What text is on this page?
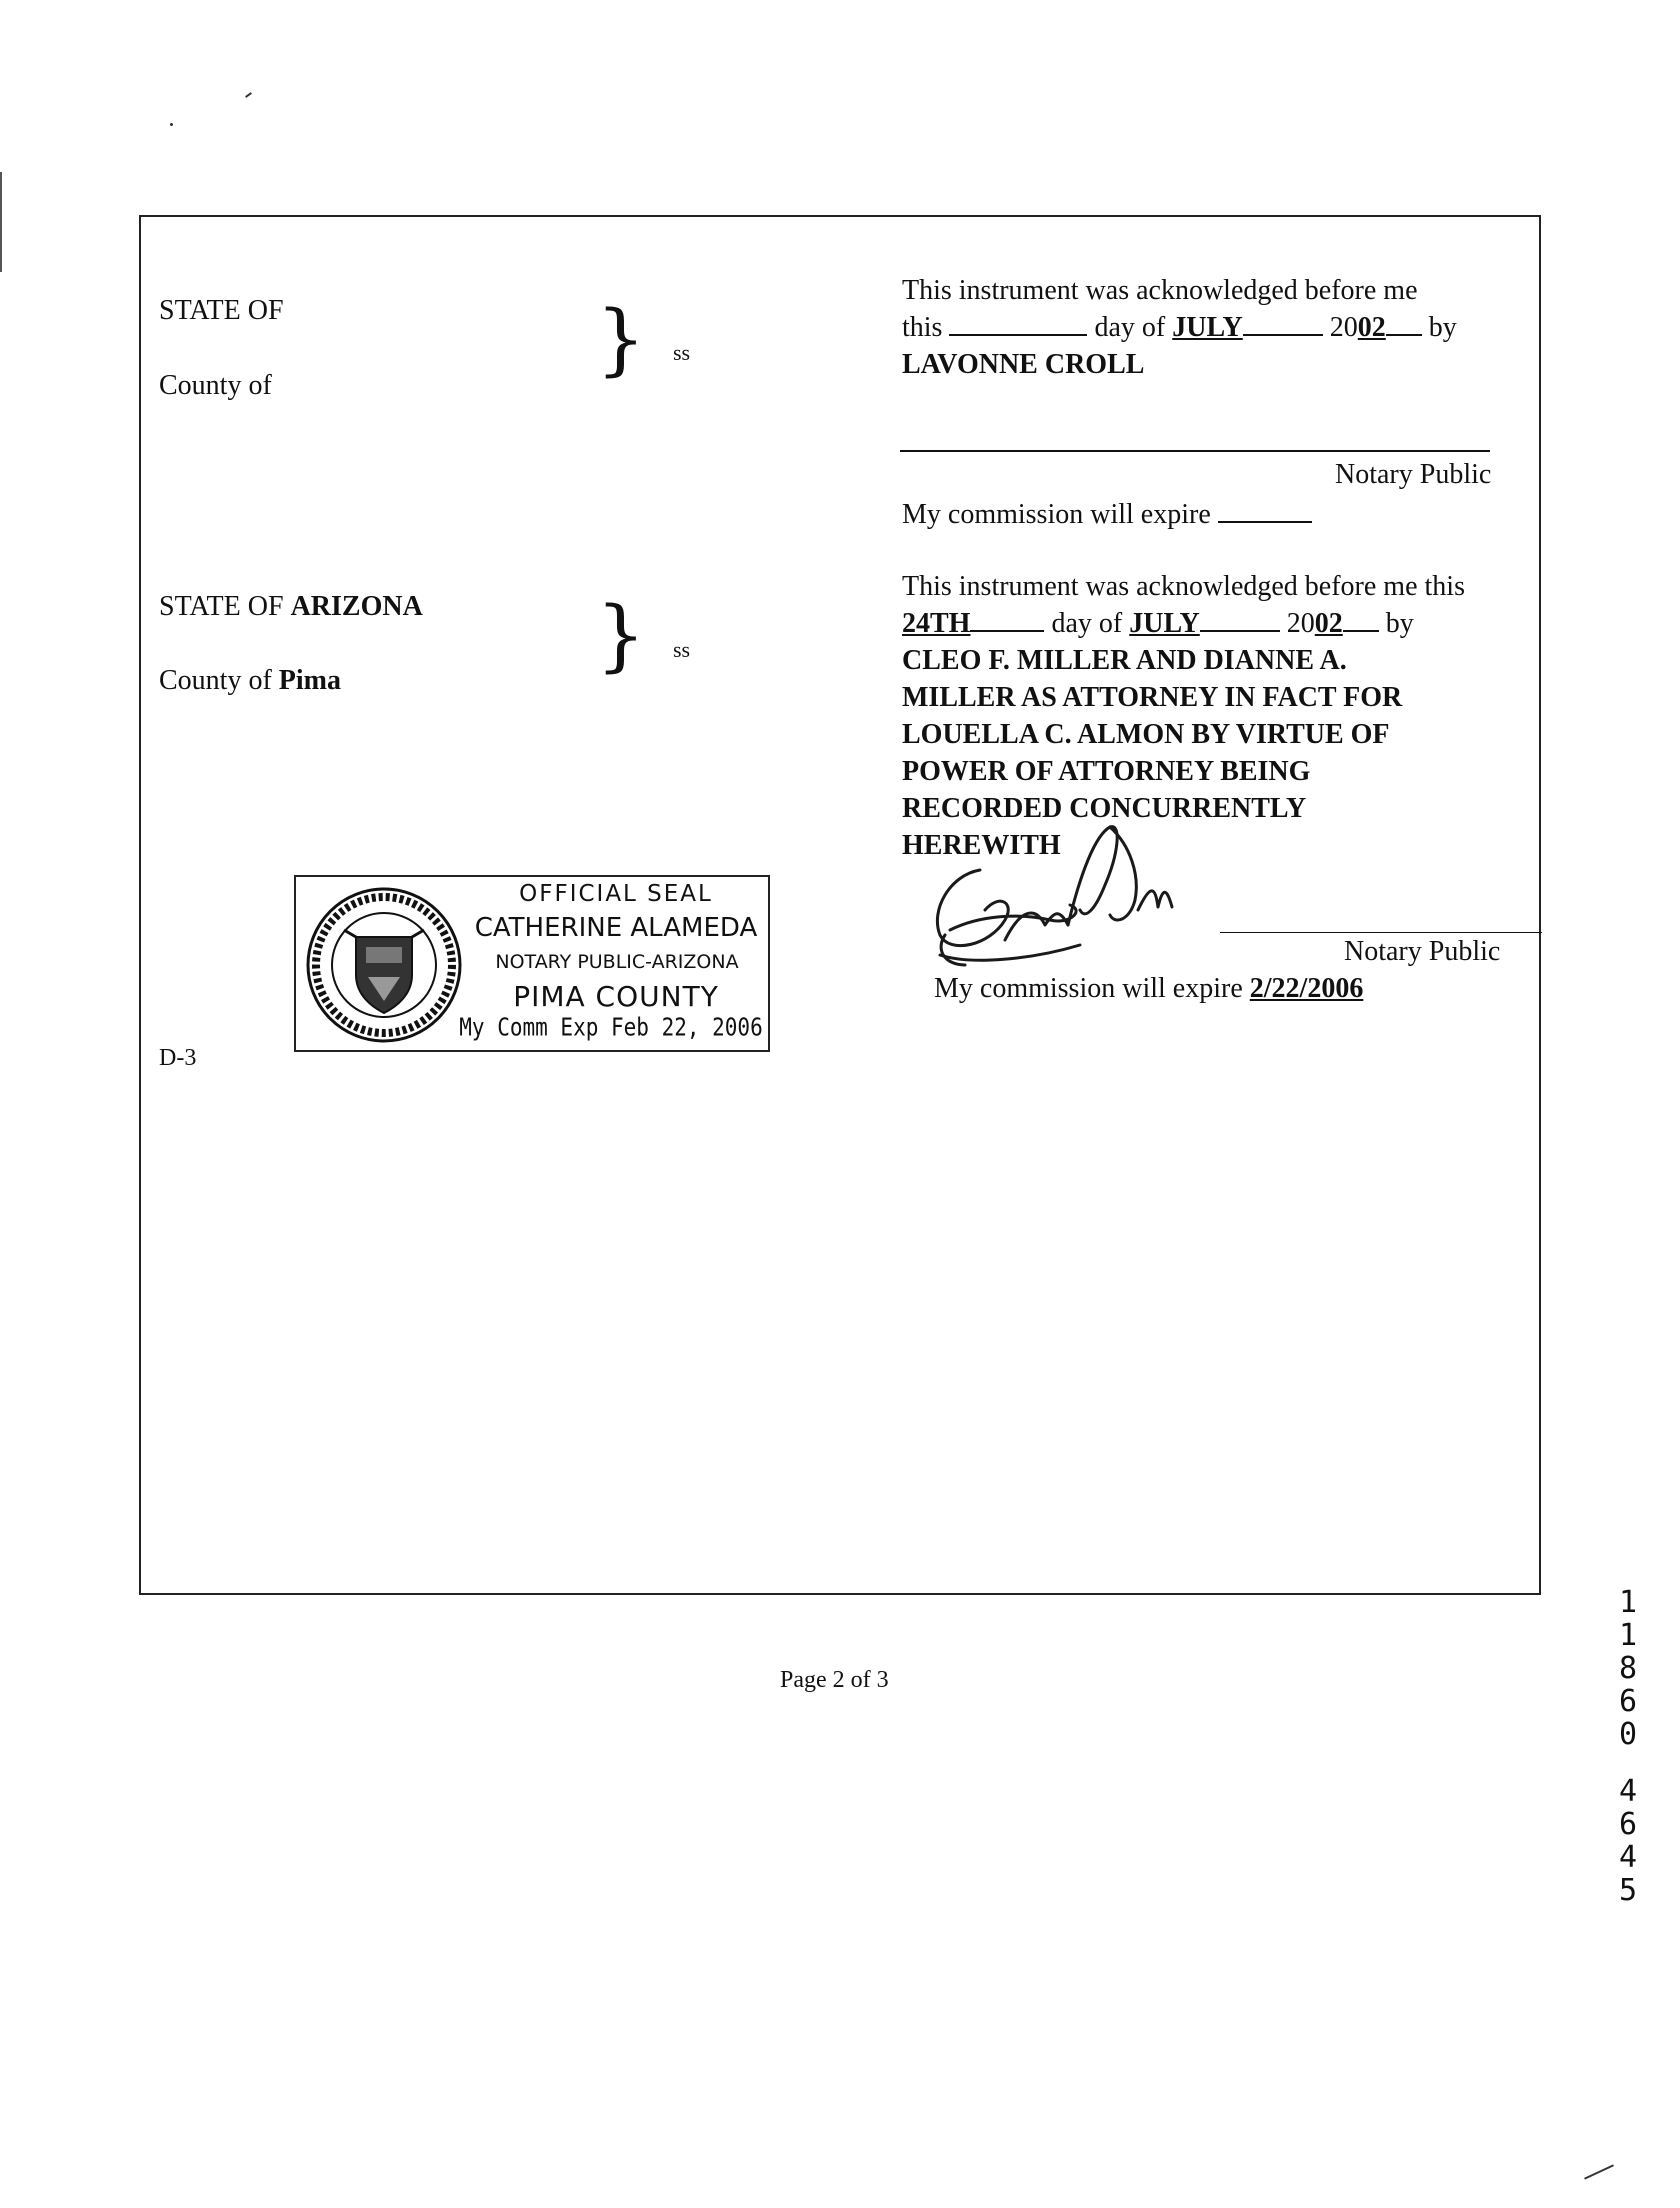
STATE OF
County of
} ss
This instrument was acknowledged before me
this	day of JULY	2002 by
LAVONNE CROLL
Notary Public
My commission will expire
STATE OF ARIZONA
County of Pima	} ss
This instrument was acknowledged before me this
24TH	day of JULY	2002 by
CLEO F. MILLER AND DIANNE A.
MILLER AS ATTORNEY IN FACT FOR
LOUELLA C. ALMON BY VIRTUE OF
POWER OF ATTORNEY BEING
RECORDED CONCURRENTLY
HEREWITH
Notary Public
My commission will expire 2/22/2006
OFFICIAL SEAL
CATHERINE ALAMEDA
NOTARY PUBLIC-ARIZONA
PIMA COUNTY
My Comm Exp Feb 22, 2006
D-3
Page 2 of 3
1
1
8
6
0
4
6
4
5
